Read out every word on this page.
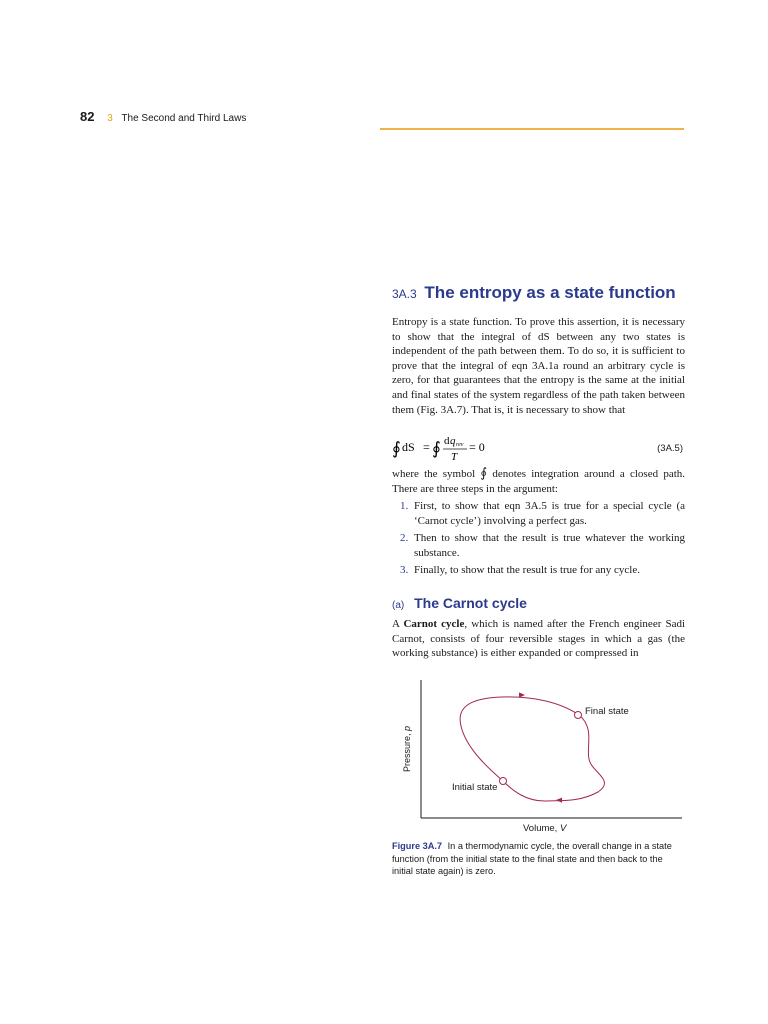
82 3 The Second and Third Laws
3A.3 The entropy as a state function
Entropy is a state function. To prove this assertion, it is necessary to show that the integral of dS between any two states is independent of the path between them. To do so, it is sufficient to prove that the integral of eqn 3A.1a round an arbitrary cycle is zero, for that guarantees that the entropy is the same at the initial and final states of the system regardless of the path taken between them (Fig. 3A.7). That is, it is necessary to show that
∮ dS = ∮ d q rev
T
= 0	(3A.5)
where the symbol ∮ denotes integration around a closed path. There are three steps in the argument:
1. First, to show that eqn 3A.5 is true for a special cycle (a ‘Carnot cycle’) involving a perfect gas.
2. Then to show that the result is true whatever the working substance.
3. Finally, to show that the result is true for any cycle.
(a) The Carnot cycle
A Carnot cycle, which is named after the French engineer Sadi Carnot, consists of four reversible stages in which a gas (the working substance) is either expanded or compressed in
Final state
Initial state
Volume, V
Pressure, p
Figure 3A.7 In a thermodynamic cycle, the overall change in a state function (from the initial state to the final state and then back to the initial state again) is zero.
